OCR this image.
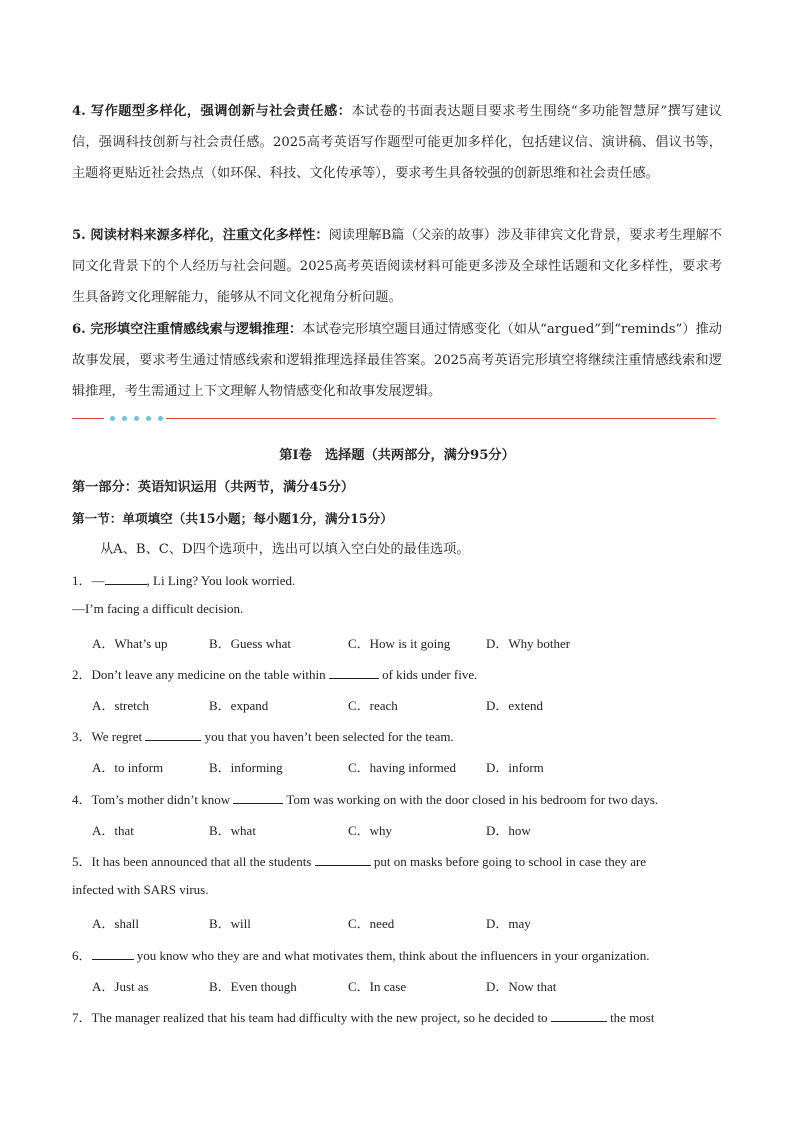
4. 写作题型多样化，强调创新与社会责任感：本试卷的书面表达题目要求考生围绕“多功能智慧屏”撰写建议信，强调科技创新与社会责任感。2025高考英语写作题型可能更加多样化，包括建议信、演讲稿、倡议书等，主题将更贴近社会热点（如环保、科技、文化传承等），要求考生具备较强的创新思维和社会责任感。
5. 阅读材料来源多样化，注重文化多样性：阅读理解B篇（父亲的故事）涉及菲律宾文化背景，要求考生理解不同文化背景下的个人经历与社会问题。2025高考英语阅读材料可能更多涉及全球性话题和文化多样性，要求考生具备跨文化理解能力，能够从不同文化视角分析问题。
6. 完形填空注重情感线索与逻辑推理：本试卷完形填空题目通过情感变化（如从“argued”到“reminds”）推动故事发展，要求考生通过情感线索和逻辑推理选择最佳答案。2025高考英语完形填空将继续注重情感线索和逻辑推理，考生需通过上下文理解人物情感变化和故事发展逻辑。
第I卷　选择题（共两部分，满分95分）
第一部分：英语知识运用（共两节，满分45分）
第一节：单项填空（共15小题；每小题1分，满分15分）
从A、B、C、D四个选项中，选出可以填入空白处的最佳选项。
1．—	, Li Ling? You look worried.
—I’m facing a difficult decision.
A．What’s up	B．Guess what	C．How is it going	D．Why bother
2．Don’t leave any medicine on the table within	of kids under five.
A．stretch	B．expand	C．reach	D．extend
3．We regret	you that you haven’t been selected for the team.
A．to inform	B．informing	C．having informed D．inform
4．Tom’s mother didn’t know	Tom was working on with the door closed in his bedroom for two days.
A．that	B．what	C．why	D．how
5．It has been announced that all the students	put on masks before going to school in case they are
infected with SARS virus.
A．shall	B．will	C．need	D．may
6．	you know who they are and what motivates them, think about the influencers in your organization.
A．Just as	B．Even though	C．In case	D．Now that
7．The manager realized that his team had difficulty with the new project, so he decided to	the most
